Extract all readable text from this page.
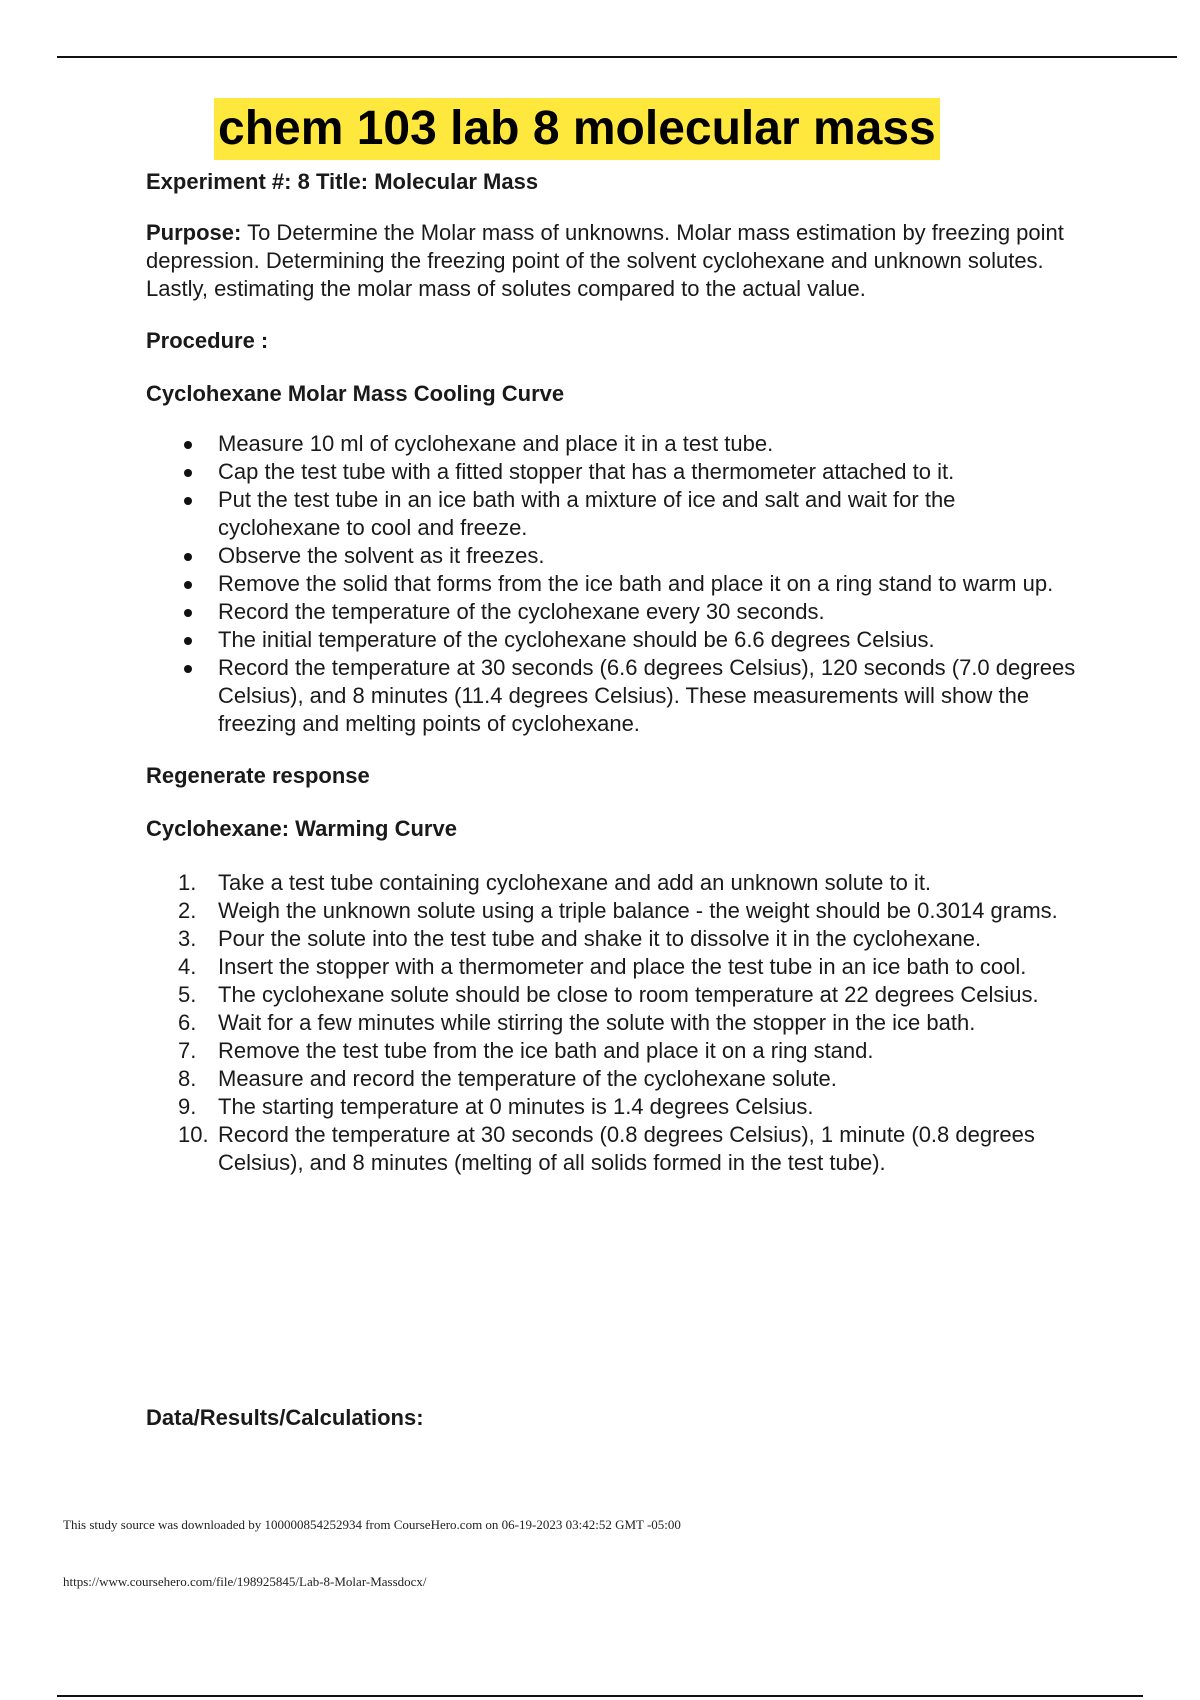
chem 103 lab 8 molecular mass

Experiment #: 8 Title: Molecular Mass

Purpose: To Determine the Molar mass of unknowns. Molar mass estimation by freezing point depression. Determining the freezing point of the solvent cyclohexane and unknown solutes. Lastly, estimating the molar mass of solutes compared to the actual value.

Procedure :

Cyclohexane Molar Mass Cooling Curve

Measure 10 ml of cyclohexane and place it in a test tube.
Cap the test tube with a fitted stopper that has a thermometer attached to it.
Put the test tube in an ice bath with a mixture of ice and salt and wait for the cyclohexane to cool and freeze.
Observe the solvent as it freezes.
Remove the solid that forms from the ice bath and place it on a ring stand to warm up.
Record the temperature of the cyclohexane every 30 seconds.
The initial temperature of the cyclohexane should be 6.6 degrees Celsius.
Record the temperature at 30 seconds (6.6 degrees Celsius), 120 seconds (7.0 degrees Celsius), and 8 minutes (11.4 degrees Celsius). These measurements will show the freezing and melting points of cyclohexane.

Regenerate response

Cyclohexane: Warming Curve

1. Take a test tube containing cyclohexane and add an unknown solute to it.
2. Weigh the unknown solute using a triple balance - the weight should be 0.3014 grams.
3. Pour the solute into the test tube and shake it to dissolve it in the cyclohexane.
4. Insert the stopper with a thermometer and place the test tube in an ice bath to cool.
5. The cyclohexane solute should be close to room temperature at 22 degrees Celsius.
6. Wait for a few minutes while stirring the solute with the stopper in the ice bath.
7. Remove the test tube from the ice bath and place it on a ring stand.
8. Measure and record the temperature of the cyclohexane solute.
9. The starting temperature at 0 minutes is 1.4 degrees Celsius.
10. Record the temperature at 30 seconds (0.8 degrees Celsius), 1 minute (0.8 degrees Celsius), and 8 minutes (melting of all solids formed in the test tube).
Data/Results/Calculations:
This study source was downloaded by 100000854252934 from CourseHero.com on 06-19-2023 03:42:52 GMT -05:00
https://www.coursehero.com/file/198925845/Lab-8-Molar-Massdocx/
